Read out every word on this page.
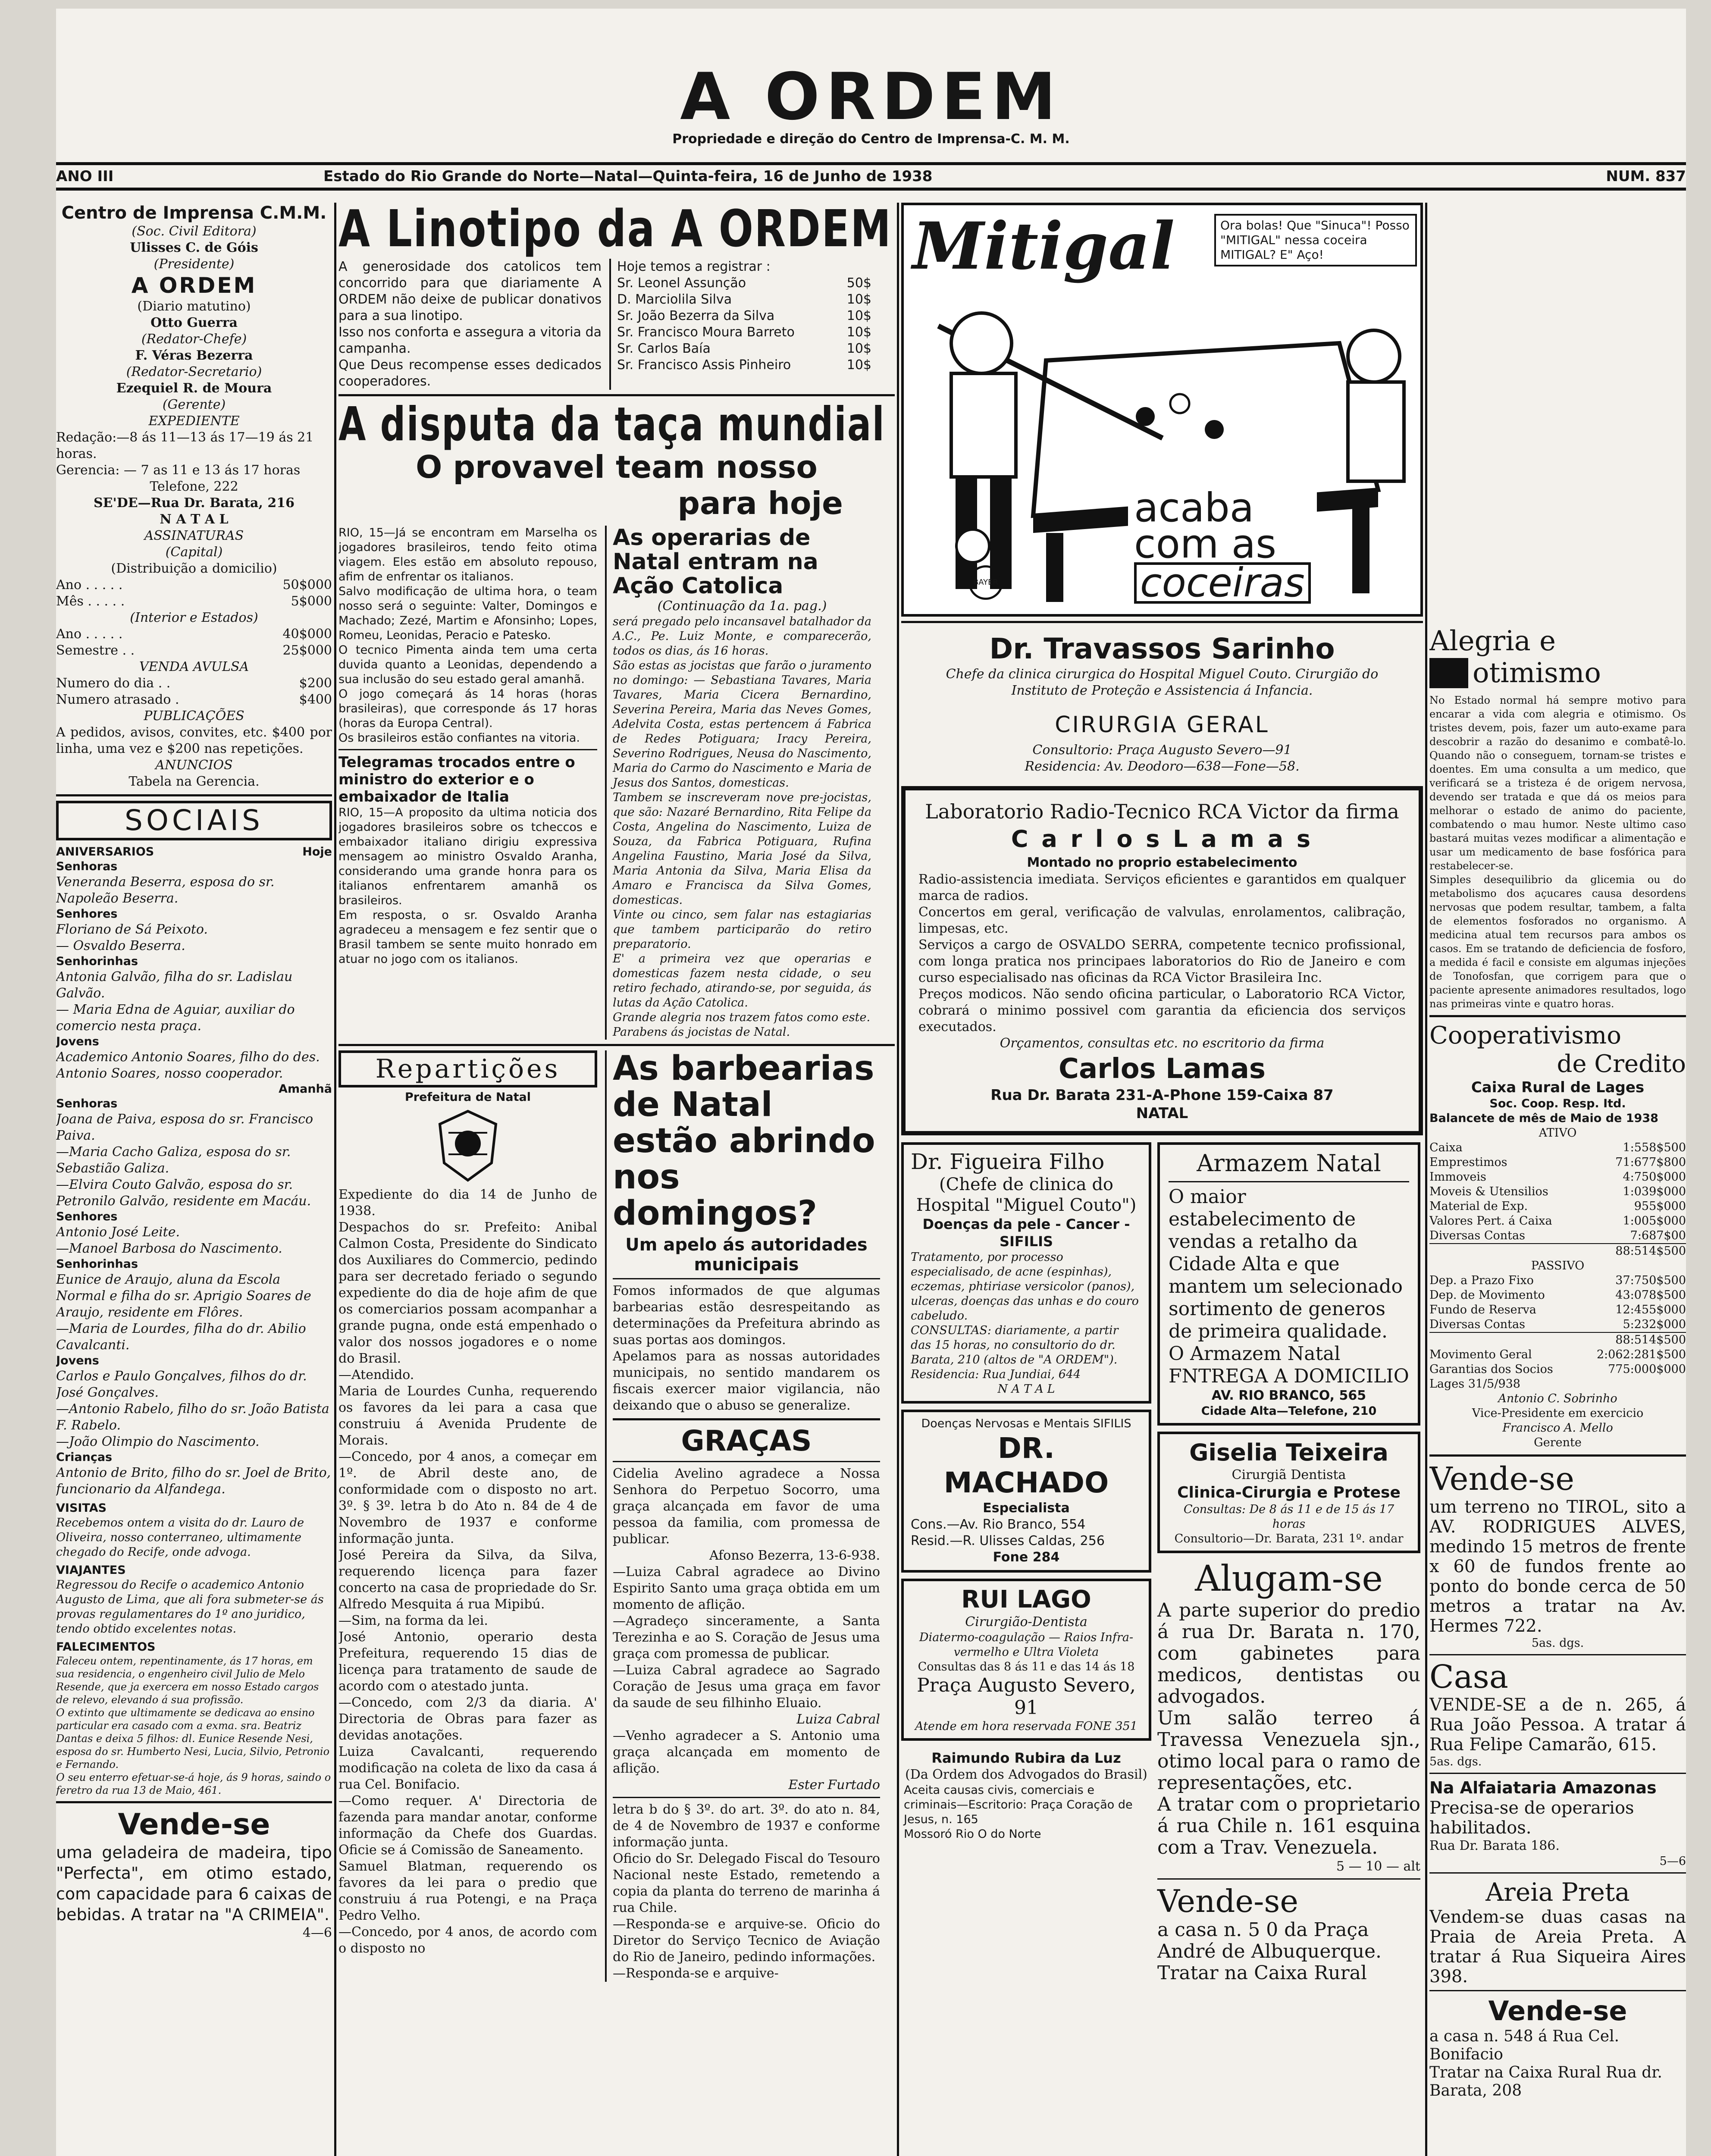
A ORDEM
Propriedade e direção do Centro de Imprensa-C. M. M.
ANO III	Estado do Rio Grande do Norte—Natal—Quinta-feira, 16 de Junho de 1938	NUM. 837

Centro de Imprensa C.M.M.

(Soc. Civil Editora)

Ulisses C. de Góis

(Presidente)

A ORDEM

(Diario matutino)

Otto Guerra

(Redator-Chefe)

F. Véras Bezerra

(Redator-Secretario)

Ezequiel R. de Moura

(Gerente)

EXPEDIENTE

Redação:—8 ás 11—13 ás 17—19 ás 21 horas.

Gerencia: — 7 as 11 e 13 ás 17 horas

Telefone, 222

SE'DE—Rua Dr. Barata, 216

N A T A L

ASSINATURAS

(Capital)

(Distribuição a domicilio)

Ano . . . . .	50$000
Mês . . . . .	5$000

(Interior e Estados)

Ano . . . . .	40$000
Semestre . .	25$000

VENDA AVULSA

Numero do dia . .	$200
Numero atrasado .	$400

PUBLICAÇÕES

A pedidos, avisos, convites, etc. $400 por linha, uma vez e $200 nas repetições.

ANUNCIOS

Tabela na Gerencia.

SOCIAIS

ANIVERSARIOS	Hoje

Senhoras

Veneranda Beserra, esposa do sr. Napoleão Beserra.

Senhores

Floriano de Sá Peixoto.

— Osvaldo Beserra.

Senhorinhas

Antonia Galvão, filha do sr. Ladislau Galvão.

— Maria Edna de Aguiar, auxiliar do comercio nesta praça.

Jovens

Academico Antonio Soares, filho do des. Antonio Soares, nosso cooperador.

Amanhã

Senhoras

Joana de Paiva, esposa do sr. Francisco Paiva.

—Maria Cacho Galiza, esposa do sr. Sebastião Galiza.

—Elvira Couto Galvão, esposa do sr. Petronilo Galvão, residente em Macáu.

Senhores

Antonio José Leite.

—Manoel Barbosa do Nascimento.

Senhorinhas

Eunice de Araujo, aluna da Escola Normal e filha do sr. Aprigio Soares de Araujo, residente em Flôres.

—Maria de Lourdes, filha do dr. Abilio Cavalcanti.

Jovens

Carlos e Paulo Gonçalves, filhos do dr. José Gonçalves.

—Antonio Rabelo, filho do sr. João Batista F. Rabelo.

—João Olimpio do Nascimento.

Crianças

Antonio de Brito, filho do sr. Joel de Brito, funcionario da Alfandega.

VISITAS

Recebemos ontem a visita do dr. Lauro de Oliveira, nosso conterraneo, ultimamente chegado do Recife, onde advoga.

VIAJANTES

Regressou do Recife o academico Antonio Augusto de Lima, que ali fora submeter-se ás provas regulamentares do 1º ano juridico, tendo obtido excelentes notas.

FALECIMENTOS

Faleceu ontem, repentinamente, ás 17 horas, em sua residencia, o engenheiro civil Julio de Melo Resende, que ja exercera em nosso Estado cargos de relevo, elevando á sua profissão.

O extinto que ultimamente se dedicava ao ensino particular era casado com a exma. sra. Beatriz Dantas e deixa 5 filhos: dl. Eunice Resende Nesi, esposa do sr. Humberto Nesi, Lucia, Silvio, Petronio e Fernando.

O seu enterro efetuar-se-á hoje, ás 9 horas, saindo o feretro da rua 13 de Maio, 461.

Vende-se

uma geladeira de madeira, tipo "Perfecta", em otimo estado, com capacidade para 6 caixas de bebidas. A tratar na "A CRIMEIA".

4—6

A Linotipo da A ORDEM

A generosidade dos catolicos tem concorrido para que diariamente A ORDEM não deixe de publicar donativos para a sua linotipo.

Isso nos conforta e assegura a vitoria da campanha.

Que Deus recompense esses dedicados cooperadores.

Hoje temos a registrar :

Sr. Leonel Assunção	50$
D. Marciolila Silva	10$
Sr. João Bezerra da Silva	10$
Sr. Francisco Moura Barreto	10$
Sr. Carlos Baía	10$
Sr. Francisco Assis Pinheiro	10$
A disputa da taça mundial

O provavel team nosso

para hoje

RIO, 15—Já se encontram em Marselha os jogadores brasileiros, tendo feito otima viagem. Eles estão em absoluto repouso, afim de enfrentar os italianos.

Salvo modificação de ultima hora, o team nosso será o seguinte: Valter, Domingos e Machado; Zezé, Martim e Afonsinho; Lopes, Romeu, Leonidas, Peracio e Patesko.

O tecnico Pimenta ainda tem uma certa duvida quanto a Leonidas, dependendo a sua inclusão do seu estado geral amanhã.

O jogo começará ás 14 horas (horas brasileiras), que corresponde ás 17 horas (horas da Europa Central).

Os brasileiros estão confiantes na vitoria.

Telegramas trocados entre o ministro do exterior e o embaixador de Italia

RIO, 15—A proposito da ultima noticia dos jogadores brasileiros sobre os tcheccos e embaixador italiano dirigiu expressiva mensagem ao ministro Osvaldo Aranha, considerando uma grande honra para os italianos enfrentarem amanhã os brasileiros.

Em resposta, o sr. Osvaldo Aranha agradeceu a mensagem e fez sentir que o Brasil tambem se sente muito honrado em atuar no jogo com os italianos.

As operarias de Natal entram na Ação Catolica

(Continuação da 1a. pag.)

será pregado pelo incansavel batalhador da A.C., Pe. Luiz Monte, e comparecerão, todos os dias, ás 16 horas.

São estas as jocistas que farão o juramento no domingo: — Sebastiana Tavares, Maria Tavares, Maria Cicera Bernardino, Severina Pereira, Maria das Neves Gomes, Adelvita Costa, estas pertencem á Fabrica de Redes Potiguara; Iracy Pereira, Severino Rodrigues, Neusa do Nascimento, Maria do Carmo do Nascimento e Maria de Jesus dos Santos, domesticas.

Tambem se inscreveram nove pre-jocistas, que são: Nazaré Bernardino, Rita Felipe da Costa, Angelina do Nascimento, Luiza de Souza, da Fabrica Potiguara, Rufina Angelina Faustino, Maria José da Silva, Maria Antonia da Silva, Maria Elisa da Amaro e Francisca da Silva Gomes, domesticas.

Vinte ou cinco, sem falar nas estagiarias que tambem participarão do retiro preparatorio.

E' a primeira vez que operarias e domesticas fazem nesta cidade, o seu retiro fechado, atirando-se, por seguida, ás lutas da Ação Catolica.

Grande alegria nos trazem fatos como este.

Parabens ás jocistas de Natal.

Repartições

Prefeitura de Natal

Expediente do dia 14 de Junho de 1938.

Despachos do sr. Prefeito: Anibal Calmon Costa, Presidente do Sindicato dos Auxiliares do Commercio, pedindo para ser decretado feriado o segundo expediente do dia de hoje afim de que os comerciarios possam acompanhar a grande pugna, onde está empenhado o valor dos nossos jogadores e o nome do Brasil.

—Atendido.

Maria de Lourdes Cunha, requerendo os favores da lei para a casa que construiu á Avenida Prudente de Morais.

—Concedo, por 4 anos, a começar em 1º. de Abril deste ano, de conformidade com o disposto no art. 3º. § 3º. letra b do Ato n. 84 de 4 de Novembro de 1937 e conforme informação junta.

José Pereira da Silva, da Silva, requerendo licença para fazer concerto na casa de propriedade do Sr. Alfredo Mesquita á rua Mipibú.

—Sim, na forma da lei.

José Antonio, operario desta Prefeitura, requerendo 15 dias de licença para tratamento de saude de acordo com o atestado junta.

—Concedo, com 2/3 da diaria. A' Directoria de Obras para fazer as devidas anotações.

Luiza Cavalcanti, requerendo modificação na coleta de lixo da casa á rua Cel. Bonifacio.

—Como requer. A' Directoria de fazenda para mandar anotar, conforme informação da Chefe dos Guardas. Oficie se á Comissão de Saneamento.

Samuel Blatman, requerendo os favores da lei para o predio que construiu á rua Potengi, e na Praça Pedro Velho.

—Concedo, por 4 anos, de acordo com o disposto no

As barbearias de Natal estão abrindo nos domingos?

Um apelo ás autoridades municipais

Fomos informados de que algumas barbearias estão desrespeitando as determinações da Prefeitura abrindo as suas portas aos domingos.

Apelamos para as nossas autoridades municipais, no sentido mandarem os fiscais exercer maior vigilancia, não deixando que o abuso se generalize.

GRAÇAS

Cidelia Avelino agradece a Nossa Senhora do Perpetuo Socorro, uma graça alcançada em favor de uma pessoa da familia, com promessa de publicar.

Afonso Bezerra, 13-6-938.

—Luiza Cabral agradece ao Divino Espirito Santo uma graça obtida em um momento de aflição.

—Agradeço sinceramente, a Santa Terezinha e ao S. Coração de Jesus uma graça com promessa de publicar.

—Luiza Cabral agradece ao Sagrado Coração de Jesus uma graça em favor da saude de seu filhinho Eluaio.

Luiza Cabral

—Venho agradecer a S. Antonio uma graça alcançada em momento de aflição.

Ester Furtado

letra b do § 3º. do art. 3º. do ato n. 84, de 4 de Novembro de 1937 e conforme informação junta.

Oficio do Sr. Delegado Fiscal do Tesouro Nacional neste Estado, remetendo a copia da planta do terreno de marinha á rua Chile.

—Responda-se e arquive-se. Oficio do Diretor do Serviço Tecnico de Aviação do Rio de Janeiro, pedindo informações.

—Responda-se e arquive-

Mitigal	Ora bolas! Que "Sinuca"! Posso "MITIGAL" nessa coceira MITIGAL? E" Aço!

acaba

com as

coceiras

BAYER

Dr. Travassos Sarinho

Chefe da clinica cirurgica do Hospital Miguel Couto. Cirurgião do Instituto de Proteção e Assistencia á Infancia.

CIRURGIA GERAL

Consultorio: Praça Augusto Severo—91

Residencia: Av. Deodoro—638—Fone—58.

Laboratorio Radio-Tecnico RCA Victor da firma

C a r l o s L a m a s

Montado no proprio estabelecimento

Radio-assistencia imediata. Serviços eficientes e garantidos em qualquer marca de radios.

Concertos em geral, verificação de valvulas, enrolamentos, calibração, limpesas, etc.

Serviços a cargo de OSVALDO SERRA, competente tecnico profissional, com longa pratica nos principaes laboratorios do Rio de Janeiro e com curso especialisado nas oficinas da RCA Victor Brasileira Inc.

Preços modicos. Não sendo oficina particular, o Laboratorio RCA Victor, cobrará o minimo possivel com garantia da eficiencia dos serviços executados.

Orçamentos, consultas etc. no escritorio da firma

Carlos Lamas

Rua Dr. Barata 231-A-Phone 159-Caixa 87

NATAL

Dr. Figueira Filho

(Chefe de clinica do Hospital "Miguel Couto")

Doenças da pele - Cancer - SIFILIS

Tratamento, por processo especialisado, de acne (espinhas), eczemas, phtiriase versicolor (panos), ulceras, doenças das unhas e do couro cabeludo.

CONSULTAS: diariamente, a partir das 15 horas, no consultorio do dr. Barata, 210 (altos de "A ORDEM").

Residencia: Rua Jundiai, 644

N A T A L

Doenças Nervosas e Mentais SIFILIS

DR. MACHADO

Especialista

Cons.—Av. Rio Branco, 554

Resid.—R. Ulisses Caldas, 256

Fone 284

RUI LAGO

Cirurgião-Dentista

Diatermo-coagulação — Raios Infra-vermelho e Ultra Violeta

Consultas das 8 ás 11 e das 14 ás 18

Praça Augusto Severo, 91

Atende em hora reservada FONE 351

Raimundo Rubira da Luz

(Da Ordem dos Advogados do Brasil)

Aceita causas civis, comerciais e criminais—Escritorio: Praça Coração de Jesus, n. 165

Mossoró Rio O do Norte

Armazem Natal

O maior estabelecimento de vendas a retalho da Cidade Alta e que mantem um selecionado sortimento de generos de primeira qualidade. O Armazem Natal FNTREGA A DOMICILIO

AV. RIO BRANCO, 565

Cidade Alta—Telefone, 210

Giselia Teixeira

Cirurgiã Dentista

Clinica-Cirurgia e Protese

Consultas: De 8 ás 11 e de 15 ás 17 horas

Consultorio—Dr. Barata, 231 1º. andar

Alugam-se

A parte superior do predio á rua Dr. Barata n. 170, com gabinetes para medicos, dentistas ou advogados.

Um salão terreo á Travessa Venezuela sjn., otimo local para o ramo de representações, etc.

A tratar com o proprietario á rua Chile n. 161 esquina com a Trav. Venezuela.

5 — 10 — alt

Vende-se

a casa n. 5 0 da Praça André de Albuquerque.

Tratar na Caixa Rural

Alegria e

otimismo

No Estado normal há sempre motivo para encarar a vida com alegria e otimismo. Os tristes devem, pois, fazer um auto-exame para descobrir a razão do desanimo e combatê-lo. Quando não o conseguem, tornam-se tristes e doentes. Em uma consulta a um medico, que verificará se a tristeza é de origem nervosa, devendo ser tratada e que dá os meios para melhorar o estado de animo do paciente, combatendo o mau humor. Neste ultimo caso bastará muitas vezes modificar a alimentação e usar um medicamento de base fosfórica para restabelecer-se.

Simples desequilibrio da glicemia ou do metabolismo dos açucares causa desordens nervosas que podem resultar, tambem, a falta de elementos fosforados no organismo. A medicina atual tem recursos para ambos os casos. Em se tratando de deficiencia de fosforo, a medida é facil e consiste em algumas injeções de Tonofosfan, que corrigem para que o paciente apresente animadores resultados, logo nas primeiras vinte e quatro horas.

Cooperativismo

de Credito

Caixa Rural de Lages

Soc. Coop. Resp. Itd.

Balancete de mês de Maio de 1938

ATIVO

Caixa	1:558$500
Emprestimos	71:677$800
Immoveis	4:750$000
Moveis & Utensilios	1:039$000
Material de Exp.	955$000
Valores Pert. á Caixa	1:005$000
Diversas Contas	7:687$00

88:514$500

PASSIVO

Dep. a Prazo Fixo	37:750$500
Dep. de Movimento	43:078$500
Fundo de Reserva	12:455$000
Diversas Contas	5:232$000

88:514$500

Movimento Geral	2:062:281$500
Garantias dos Socios	775:000$000

Lages 31/5/938

Antonio C. Sobrinho

Vice-Presidente em exercicio

Francisco A. Mello

Gerente

Vende-se

um terreno no TIROL, sito a AV. RODRIGUES ALVES, medindo 15 metros de frente x 60 de fundos frente ao ponto do bonde cerca de 50 metros a tratar na Av. Hermes 722.

5as. dgs.

Casa

VENDE-SE a de n. 265, á Rua João Pessoa. A tratar á Rua Felipe Camarão, 615.

5as. dgs.

Na Alfaiataria Amazonas

Precisa-se de operarios habilitados.

Rua Dr. Barata 186.

5—6

Areia Preta

Vendem-se duas casas na Praia de Areia Preta. A tratar á Rua Siqueira Aires 398.

Vende-se

a casa n. 548 á Rua Cel. Bonifacio

Tratar na Caixa Rural Rua dr. Barata, 208
